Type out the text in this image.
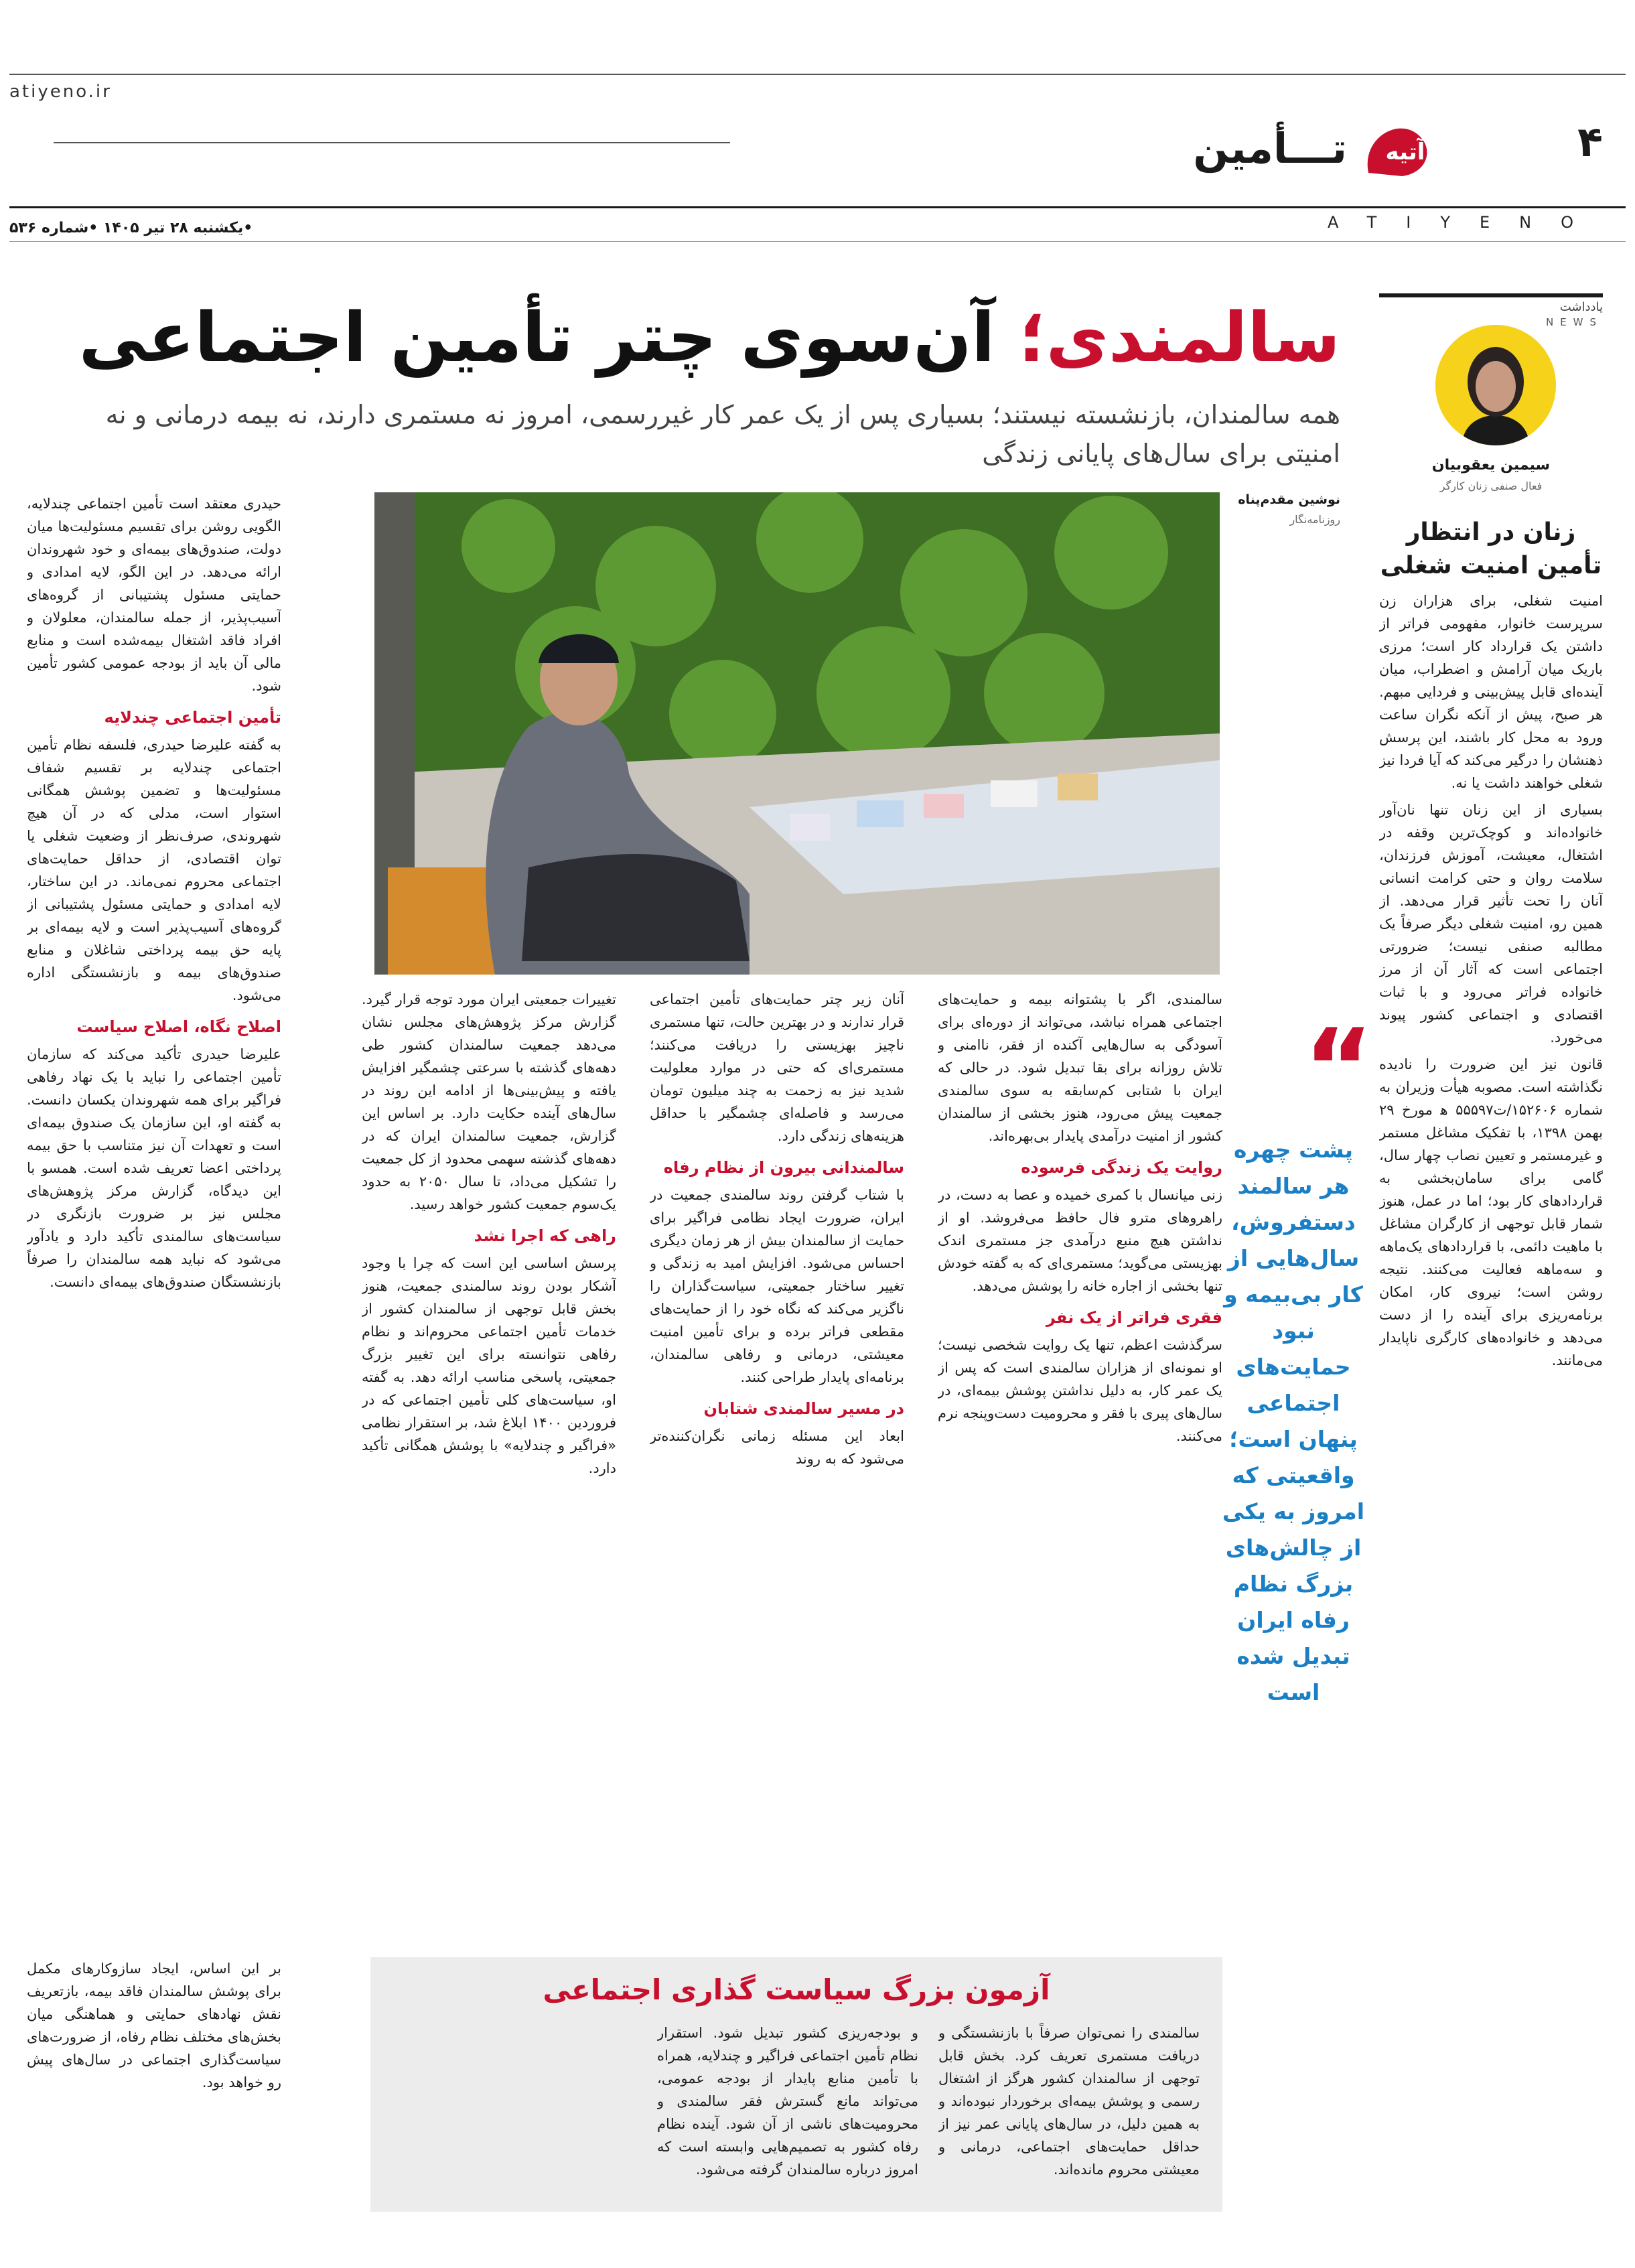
atiyeno.ir
۴
تـــأمین آتیه
ATIYENO
•یکشنبه ۲۸ تیر ۱۴۰۵ •شماره ۵۳۶
یادداشت
NEWS
سیمین یعقوبیان
فعال صنفی زنان کارگر
زنان در انتظار تأمین امنیت شغلی

امنیت شغلی، برای هزاران زن سرپرست خانوار، مفهومی فراتر از داشتن یک قرارداد کار است؛ مرزی باریک میان آرامش و اضطراب، میان آینده‌ای قابل پیش‌بینی و فردایی مبهم. هر صبح، پیش از آنکه نگران ساعت ورود به محل کار باشند، این پرسش ذهنشان را درگیر می‌کند که آیا فردا نیز شغلی خواهند داشت یا نه.

بسیاری از این زنان تنها نان‌آور خانواده‌اند و کوچک‌ترین وقفه در اشتغال، معیشت، آموزش فرزندان، سلامت روان و حتی کرامت انسانی آنان را تحت تأثیر قرار می‌دهد. از همین رو، امنیت شغلی دیگر صرفاً یک مطالبه صنفی نیست؛ ضرورتی اجتماعی است که آثار آن از مرز خانواده فراتر می‌رود و با ثبات اقتصادی و اجتماعی کشور پیوند می‌خورد.

قانون نیز این ضرورت را نادیده نگذاشته است. مصوبه هیأت وزیران به شماره ۱۵۲۶۰۶/ت۵۵۵۹۷ ه‍ مورخ ۲۹ بهمن ۱۳۹۸، با تفکیک مشاغل مستمر و غیرمستمر و تعیین نصاب چهار سال، گامی برای سامان‌بخشی به قراردادهای کار بود؛ اما در عمل، هنوز شمار قابل توجهی از کارگران مشاغل با ماهیت دائمی، با قراردادهای یک‌ماهه و سه‌ماهه فعالیت می‌کنند. نتیجه روشن است؛ نیروی کار، امکان برنامه‌ریزی برای آینده را از دست می‌دهد و خانواده‌های کارگری ناپایدار می‌مانند.

سالمندی؛ آن‌سوی چتر تأمین اجتماعی
همه سالمندان، بازنشسته نیستند؛ بسیاری پس از یک عمر کار غیررسمی، امروز نه مستمری دارند، نه بیمه درمانی و نه امنیتی برای سال‌های پایانی زندگی
نوشین مقدم‌پناه
روزنامه‌نگار
“
پشت چهره هر سالمند دستفروش، سال‌هایی از کار بی‌بیمه و نبود حمایت‌های اجتماعی پنهان است؛ واقعیتی که امروز به یکی از چالش‌های بزرگ نظام رفاه ایران تبدیل شده است

حیدری معتقد است تأمین اجتماعی چندلایه، الگویی روشن برای تقسیم مسئولیت‌ها میان دولت، صندوق‌های بیمه‌ای و خود شهروندان ارائه می‌دهد. در این الگو، لایه امدادی و حمایتی مسئول پشتیبانی از گروه‌های آسیب‌پذیر، از جمله سالمندان، معلولان و افراد فاقد اشتغال بیمه‌شده است و منابع مالی آن باید از بودجه عمومی کشور تأمین شود.

تأمین اجتماعی چندلایه

به گفته علیرضا حیدری، فلسفه نظام تأمین اجتماعی چندلایه بر تقسیم شفاف مسئولیت‌ها و تضمین پوشش همگانی استوار است، مدلی که در آن هیچ شهروندی، صرف‌نظر از وضعیت شغلی یا توان اقتصادی، از حداقل حمایت‌های اجتماعی محروم نمی‌ماند. در این ساختار، لایه امدادی و حمایتی مسئول پشتیبانی از گروه‌های آسیب‌پذیر است و لایه بیمه‌ای بر پایه حق بیمه پرداختی شاغلان و منابع صندوق‌های بیمه و بازنشستگی اداره می‌شود.

اصلاح نگاه، اصلاح سیاست

علیرضا حیدری تأکید می‌کند که سازمان تأمین اجتماعی را نباید با یک نهاد رفاهی فراگیر برای همه شهروندان یکسان دانست. به گفته او، این سازمان یک صندوق بیمه‌ای است و تعهدات آن نیز متناسب با حق بیمه پرداختی اعضا تعریف شده است. همسو با این دیدگاه، گزارش مرکز پژوهش‌های مجلس نیز بر ضرورت بازنگری در سیاست‌های سالمندی تأکید دارد و یادآور می‌شود که نباید همه سالمندان را صرفاً بازنشستگان صندوق‌های بیمه‌ای دانست.

تغییرات جمعیتی ایران مورد توجه قرار گیرد. گزارش مرکز پژوهش‌های مجلس نشان می‌دهد جمعیت سالمندان کشور طی دهه‌های گذشته با سرعتی چشمگیر افزایش یافته و پیش‌بینی‌ها از ادامه این روند در سال‌های آینده حکایت دارد. بر اساس این گزارش، جمعیت سالمندان ایران که در دهه‌های گذشته سهمی محدود از کل جمعیت را تشکیل می‌داد، تا سال ۲۰۵۰ به حدود یک‌سوم جمعیت کشور خواهد رسید.

راهی که اجرا نشد

پرسش اساسی این است که چرا با وجود آشکار بودن روند سالمندی جمعیت، هنوز بخش قابل توجهی از سالمندان کشور از خدمات تأمین اجتماعی محروم‌اند و نظام رفاهی نتوانسته برای این تغییر بزرگ جمعیتی، پاسخی مناسب ارائه دهد. به گفته او، سیاست‌های کلی تأمین اجتماعی که در فروردین ۱۴۰۰ ابلاغ شد، بر استقرار نظامی «فراگیر و چندلایه» با پوشش همگانی تأکید دارد.

آنان زیر چتر حمایت‌های تأمین اجتماعی قرار ندارند و در بهترین حالت، تنها مستمری ناچیز بهزیستی را دریافت می‌کنند؛ مستمری‌ای که حتی در موارد معلولیت شدید نیز به زحمت به چند میلیون تومان می‌رسد و فاصله‌ای چشمگیر با حداقل هزینه‌های زندگی دارد.

سالمندانی بیرون از نظام رفاه

با شتاب گرفتن روند سالمندی جمعیت در ایران، ضرورت ایجاد نظامی فراگیر برای حمایت از سالمندان بیش از هر زمان دیگری احساس می‌شود. افزایش امید به زندگی و تغییر ساختار جمعیتی، سیاست‌گذاران را ناگزیر می‌کند که نگاه خود را از حمایت‌های مقطعی فراتر برده و برای تأمین امنیت معیشتی، درمانی و رفاهی سالمندان، برنامه‌ای پایدار طراحی کنند.

در مسیر سالمندی شتابان

ابعاد این مسئله زمانی نگران‌کننده‌تر می‌شود که به روند

سالمندی، اگر با پشتوانه بیمه و حمایت‌های اجتماعی همراه نباشد، می‌تواند از دوره‌ای برای آسودگی به سال‌هایی آکنده از فقر، ناامنی و تلاش روزانه برای بقا تبدیل شود. در حالی که ایران با شتابی کم‌سابقه به سوی سالمندی جمعیت پیش می‌رود، هنوز بخشی از سالمندان کشور از امنیت درآمدی پایدار بی‌بهره‌اند.

روایت یک زندگی فرسوده

زنی میانسال با کمری خمیده و عصا به دست، در راهروهای مترو فال حافظ می‌فروشد. او از نداشتن هیچ منبع درآمدی جز مستمری اندک بهزیستی می‌گوید؛ مستمری‌ای که به گفته خودش تنها بخشی از اجاره خانه را پوشش می‌دهد.

فقری فراتر از یک نفر

سرگذشت اعظم، تنها یک روایت شخصی نیست؛ او نمونه‌ای از هزاران سالمندی است که پس از یک عمر کار، به دلیل نداشتن پوشش بیمه‌ای، در سال‌های پیری با فقر و محرومیت دست‌وپنجه نرم می‌کنند.

آزمون بزرگ سیاست گذاری اجتماعی

سالمندی را نمی‌توان صرفاً با بازنشستگی و دریافت مستمری تعریف کرد. بخش قابل توجهی از سالمندان کشور هرگز از اشتغال رسمی و پوشش بیمه‌ای برخوردار نبوده‌اند و به همین دلیل، در سال‌های پایانی عمر نیز از حداقل حمایت‌های اجتماعی، درمانی و معیشتی محروم مانده‌اند.

و بودجه‌ریزی کشور تبدیل شود. استقرار نظام تأمین اجتماعی فراگیر و چندلایه، همراه با تأمین منابع پایدار از بودجه عمومی، می‌تواند مانع گسترش فقر سالمندی و محرومیت‌های ناشی از آن شود. آینده نظام رفاه کشور به تصمیم‌هایی وابسته است که امروز درباره سالمندان گرفته می‌شود.

بر این اساس، ایجاد سازوکارهای مکمل برای پوشش سالمندان فاقد بیمه، بازتعریف نقش نهادهای حمایتی و هماهنگی میان بخش‌های مختلف نظام رفاه، از ضرورت‌های سیاست‌گذاری اجتماعی در سال‌های پیش رو خواهد بود.
